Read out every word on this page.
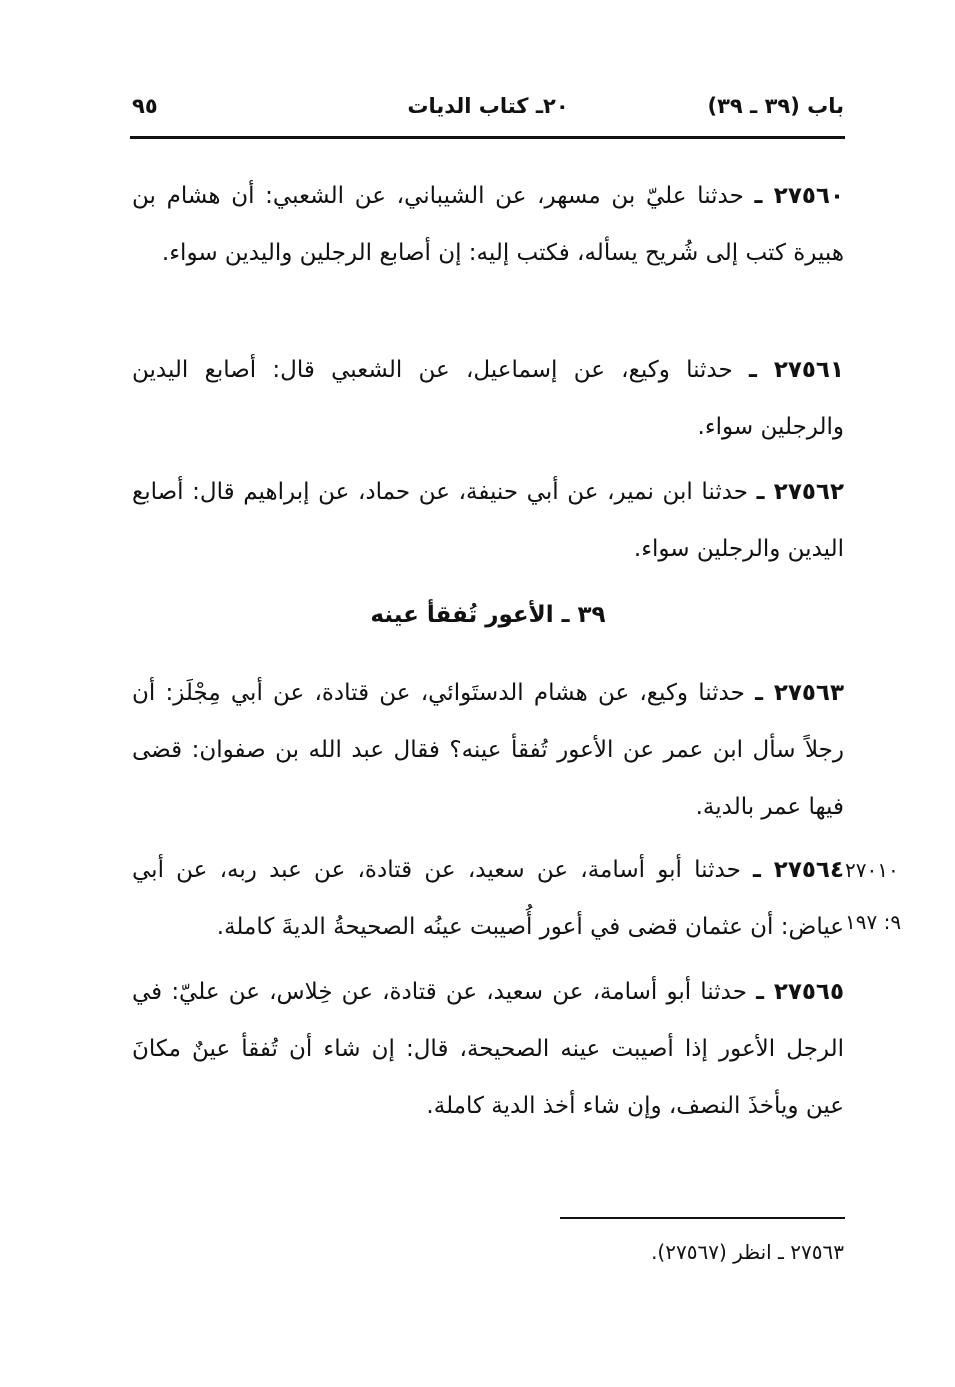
باب (٣٩ ـ ٣٩)
٢٠ـ كتاب الديات
٩٥
٢٧٥٦٠ ـ حدثنا عليّ بن مسهر، عن الشيباني، عن الشعبي: أن هشام بن هبيرة كتب إلى شُريح يسأله، فكتب إليه: إن أصابع الرجلين واليدين سواء.
٢٧٥٦١ ـ حدثنا وكيع، عن إسماعيل، عن الشعبي قال: أصابع اليدين والرجلين سواء.
٢٧٥٦٢ ـ حدثنا ابن نمير، عن أبي حنيفة، عن حماد، عن إبراهيم قال: أصابع اليدين والرجلين سواء.
٣٩ ـ الأعور تُفقأ عينه
٢٧٥٦٣ ـ حدثنا وكيع، عن هشام الدستَوائي، عن قتادة، عن أبي مِجْلَز: أن رجلاً سأل ابن عمر عن الأعور تُفقأ عينه؟ فقال عبد الله بن صفوان: قضى فيها عمر بالدية.
٢٧٥٦٤ ـ حدثنا أبو أسامة، عن سعيد، عن قتادة، عن عبد ربه، عن أبي عياض: أن عثمان قضى في أعور أُصيبت عينُه الصحيحةُ الديةَ كاملة.
٢٧٠١٠
٩: ١٩٧
٢٧٥٦٥ ـ حدثنا أبو أسامة، عن سعيد، عن قتادة، عن خِلاس، عن عليّ: في الرجل الأعور إذا أصيبت عينه الصحيحة، قال: إن شاء أن تُفقأ عينٌ مكانَ عين ويأخذَ النصف، وإن شاء أخذ الدية كاملة.
٢٧٥٦٣ ـ انظر (٢٧٥٦٧).
